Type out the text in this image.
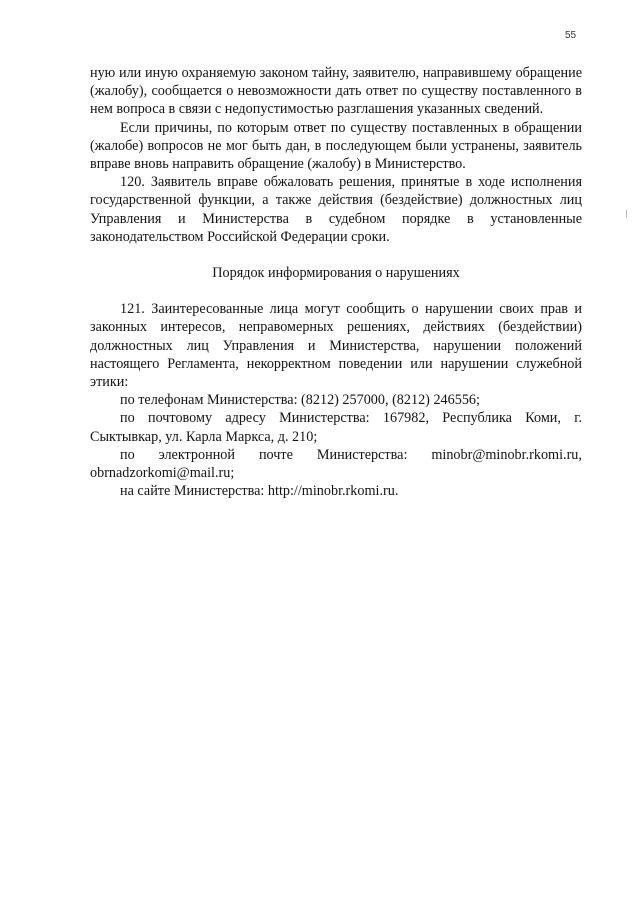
55

ную или иную охраняемую законом тайну, заявителю, направившему обращение (жалобу), сообщается о невозможности дать ответ по существу поставленного в нем вопроса в связи с недопустимостью разглашения указанных сведений.

Если причины, по которым ответ по существу поставленных в обращении (жалобе) вопросов не мог быть дан, в последующем были устранены, заявитель вправе вновь направить обращение (жалобу) в Министерство.

120. Заявитель вправе обжаловать решения, принятые в ходе исполнения государственной функции, а также действия (бездействие) должностных лиц Управления и Министерства в судебном порядке в установленные законодательством Российской Федерации сроки.

Порядок информирования о нарушениях

121. Заинтересованные лица могут сообщить о нарушении своих прав и законных интересов, неправомерных решениях, действиях (бездействии) должностных лиц Управления и Министерства, нарушении положений настоящего Регламента, некорректном поведении или нарушении служебной этики:

по телефонам Министерства: (8212) 257000, (8212) 246556;

по почтовому адресу Министерства: 167982, Республика Коми, г. Сыктывкар, ул. Карла Маркса, д. 210;

по электронной почте Министерства: minobr@minobr.rkomi.ru,

obrnadzorkomi@mail.ru;

на сайте Министерства: http://minobr.rkomi.ru.
